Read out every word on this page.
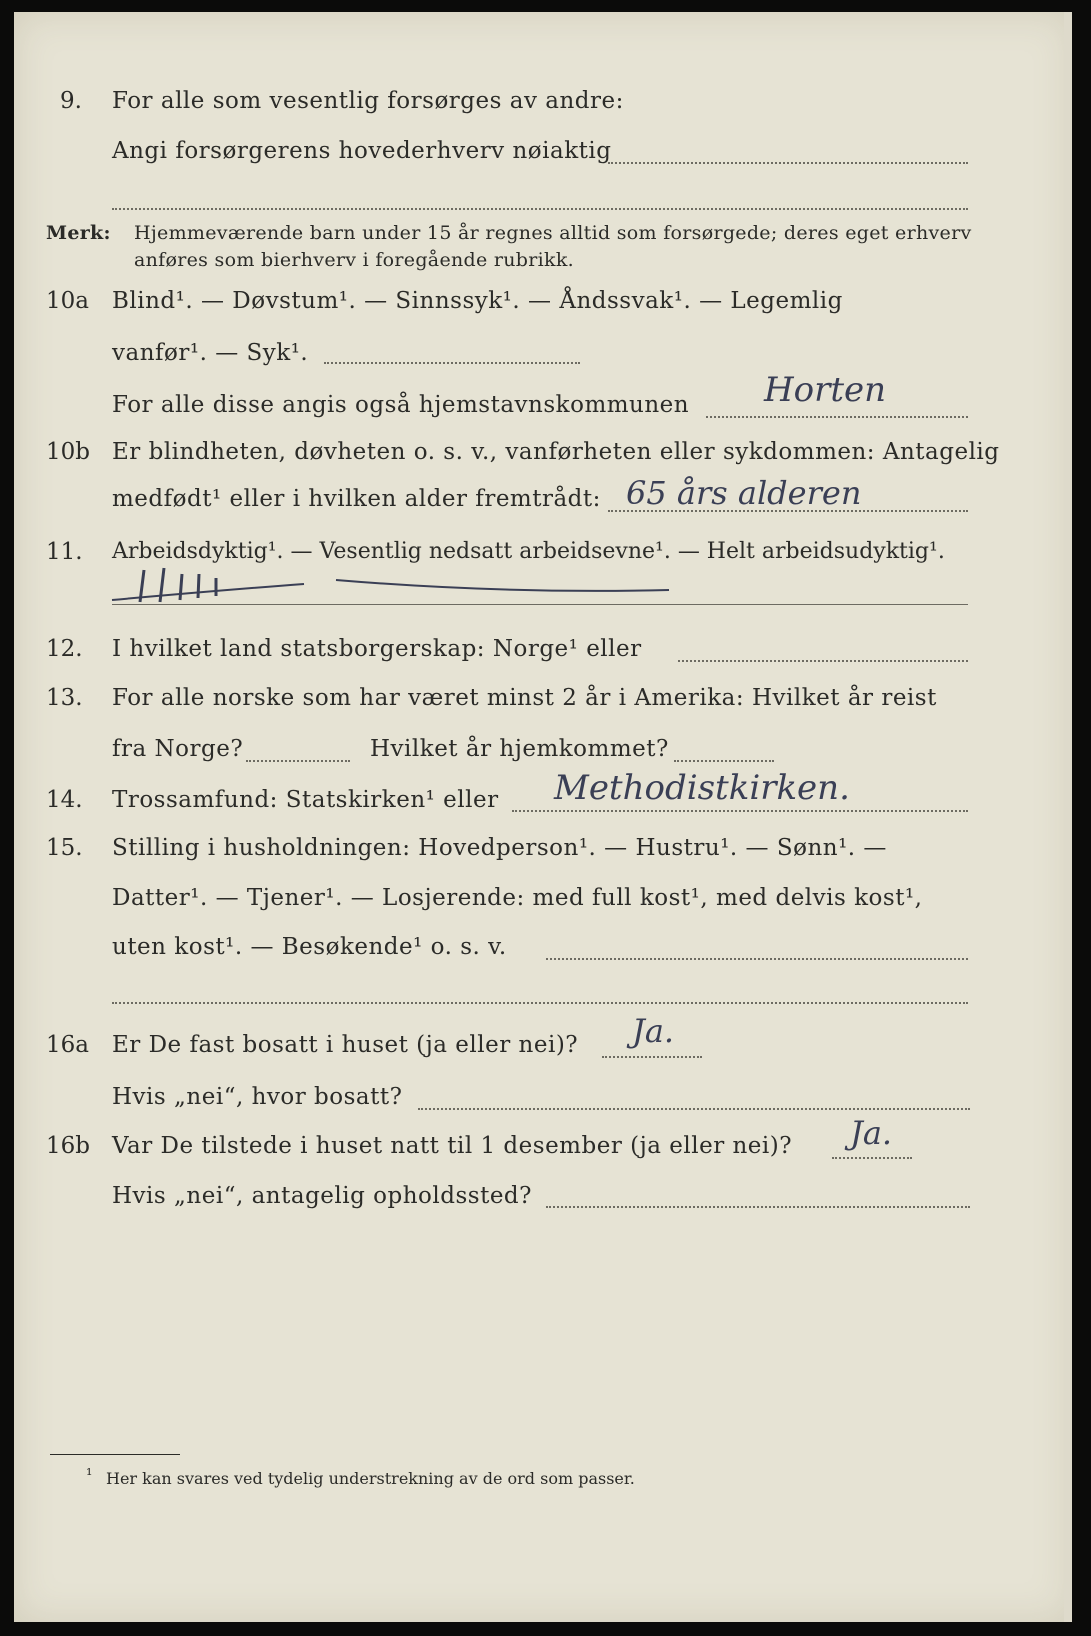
9. For alle som vesentlig forsørges av andre:
Angi forsørgerens hovederhverv nøiaktig
Merk: Hjemmeværende barn under 15 år regnes alltid som forsørgede; deres eget erhverv
anføres som bierhverv i foregående rubrikk.
10a Blind¹. — Døvstum¹. — Sinnssyk¹. — Åndssvak¹. — Legemlig
vanfør¹. — Syk¹.
For alle disse angis også hjemstavnskommunen Horten
10b Er blindheten, døvheten o. s. v., vanførheten eller sykdommen: Antagelig
medfødt¹ eller i hvilken alder fremtrådt: 65 års alderen
11. Arbeidsdyktig¹. — Vesentlig nedsatt arbeidsevne¹. — Helt arbeidsudyktig¹.
12. I hvilket land statsborgerskap: Norge¹ eller
13. For alle norske som har været minst 2 år i Amerika: Hvilket år reist
fra Norge?	Hvilket år hjemkommet?
14. Trossamfund: Statskirken¹ eller Methodistkirken.
15. Stilling i husholdningen: Hovedperson¹. — Hustru¹. — Sønn¹. —
Datter¹. — Tjener¹. — Losjerende: med full kost¹, med delvis kost¹,
uten kost¹. — Besøkende¹ o. s. v.
16a Er De fast bosatt i huset (ja eller nei)? Ja.
Hvis „nei“, hvor bosatt?
16b Var De tilstede i huset natt til 1 desember (ja eller nei)? Ja.
Hvis „nei“, antagelig opholdssted?
¹ Her kan svares ved tydelig understrekning av de ord som passer.
